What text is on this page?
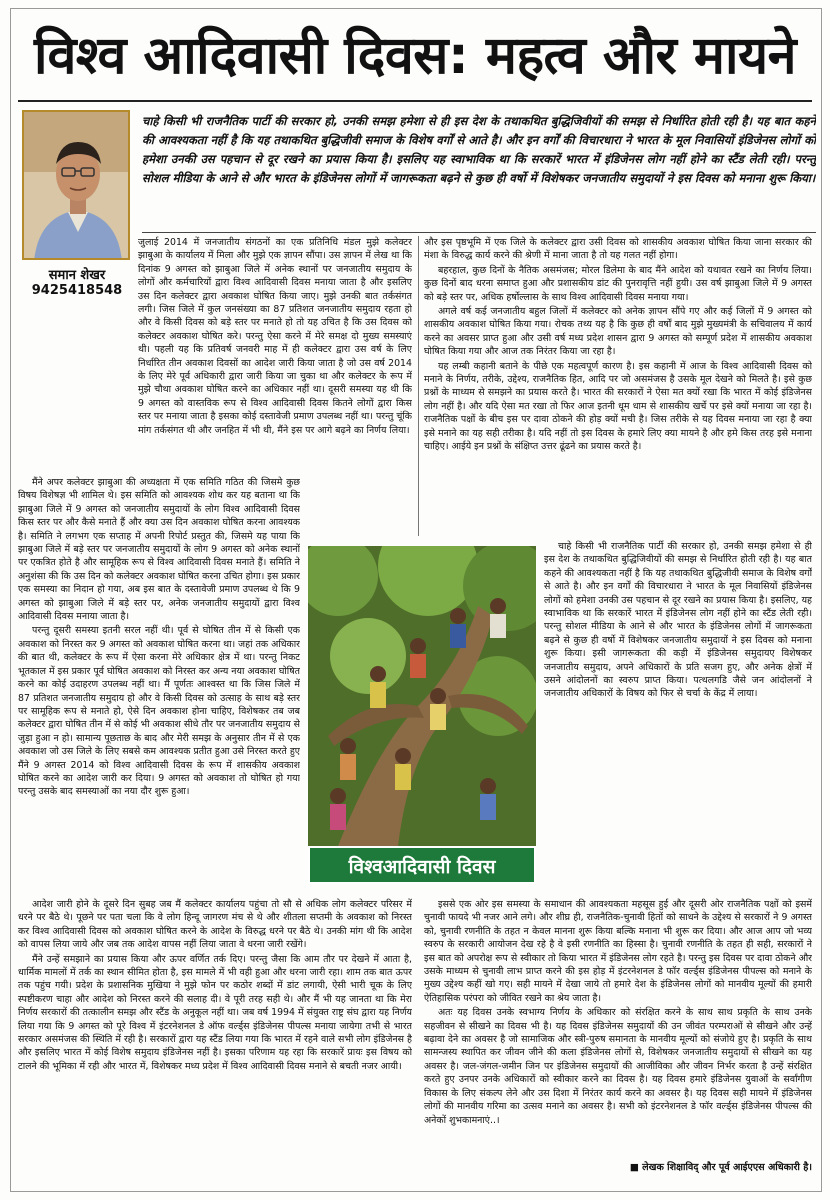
विश्व आदिवासी दिवस: महत्व और मायने
समान शेखर
9425418548
चाहे किसी भी राजनैतिक पार्टी की सरकार हो, उनकी समझ हमेशा से ही इस देश के तथाकथित बुद्धिजिवीयों की समझ से निर्धारित होती रही है। यह बात कहने की आवश्यकता नहीं है कि यह तथाकथित बुद्धिजीवी समाज के विशेष वर्गों से आते है। और इन वर्गों की विचारधारा ने भारत के मूल निवासियों इंडिजेनस लोगों को हमेशा उनकी उस पहचान से दूर रखने का प्रयास किया है। इसलिए यह स्वाभाविक था कि सरकारें भारत में इंडिजेनस लोग नहीं होने का स्टैंड लेती रही। परन्तु सोशल मीडिया के आने से और भारत के इंडिजेनस लोगों में जागरूकता बढ़ने से कुछ ही वर्षो में विशेषकर जनजातीय समुदायों ने इस दिवस को मनाना शुरू किया।

जुलाई 2014 में जनजातीय संगठनों का एक प्रतिनिधि मंडल मुझे कलेक्टर झाबुआ के कार्यालय में मिला और मुझे एक ज्ञापन सौंपा। उस ज्ञापन में लेख था कि दिनांक 9 अगस्त को झाबुआ जिले में अनेक स्थानों पर जनजातीय समुदाय के लोगों और कर्मचारियों द्वारा विश्व आदिवासी दिवस मनाया जाता है और इसलिए उस दिन कलेक्टर द्वारा अवकाश घोषित किया जाए। मुझे उनकी बात तर्कसंगत लगी। जिस जिले में कुल जनसंख्या का 87 प्रतिशत जनजातीय समुदाय रहता हो और वे किसी दिवस को बड़े स्तर पर मनाते हो तो यह उचित है कि उस दिवस को कलेक्टर अवकाश घोषित करे। परन्तु ऐसा करने में मेरे समक्ष दो मुख्य समस्याएं थी। पहली यह कि प्रतिवर्ष जनवरी माह में ही कलेक्टर द्वारा उस वर्ष के लिए निर्धारित तीन अवकाश दिवसों का आदेश जारी किया जाता है जो उस वर्ष 2014 के लिए मेरे पूर्व अधिकारी द्वारा जारी किया जा चुका था और कलेक्टर के रूप में मुझे चौथा अवकाश घोषित करने का अधिकार नहीं था। दूसरी समस्या यह थी कि 9 अगस्त को वास्तविक रूप से विश्व आदिवासी दिवस कितने लोगों द्वारा किस स्तर पर मनाया जाता है इसका कोई दस्तावेजी प्रमाण उपलब्ध नहीं था। परन्तु चूंकि मांग तर्कसंगत थी और जनहित में भी थी, मैंने इस पर आगे बढ़ने का निर्णय लिया।

मैंने अपर कलेक्टर झाबुआ की अध्यक्षता में एक समिति गठित की जिसमे कुछ विषय विशेषज्ञ भी शामिल थे। इस समिति को आवश्यक शोध कर यह बताना था कि झाबुआ जिले में 9 अगस्त को जनजातीय समुदायों के लोग विश्व आदिवासी दिवस किस स्तर पर और कैसे मनाते हैं और क्या उस दिन अवकाश घोषित करना आवश्यक है। समिति ने लगभग एक सप्ताह में अपनी रिपोर्ट प्रस्तुत की, जिसमे यह पाया कि झाबुआ जिले में बड़े स्तर पर जनजातीय समुदायों के लोग 9 अगस्त को अनेक स्थानों पर एकत्रित होते है और सामूहिक रूप से विश्व आदिवासी दिवस मनाते हैं। समिति ने अनुशंसा की कि उस दिन को कलेक्टर अवकाश घोषित करना उचित होगा। इस प्रकार एक समस्या का निदान हो गया, अब इस बात के दस्तावेजी प्रमाण उपलब्ध थे कि 9 अगस्त को झाबुआ जिले में बड़े स्तर पर, अनेक जनजातीय समुदायों द्वारा विश्व आदिवासी दिवस मनाया जाता है।

परन्तु दूसरी समस्या इतनी सरल नहीं थी। पूर्व से घोषित तीन में से किसी एक अवकाश को निरस्त कर 9 अगस्त को अवकाश घोषित करना था। जहां तक अधिकार की बात थी, कलेक्टर के रूप में ऐसा करना मेरे अधिकार क्षेत्र में था। परन्तु निकट भूतकाल में इस प्रकार पूर्व घोषित अवकाश को निरस्त कर अन्य नया अवकाश घोषित करने का कोई उदाहरण उपलब्ध नहीं था। मैं पूर्णतः आश्वस्त था कि जिस जिले में 87 प्रतिशत जनजातीय समुदाय हो और वे किसी दिवस को उत्साह के साथ बड़े स्तर पर सामूहिक रूप से मनाते हो, ऐसे दिन अवकाश होना चाहिए, विशेषकर तब जब कलेक्टर द्वारा घोषित तीन में से कोई भी अवकाश सीधे तौर पर जनजातीय समुदाय से जुड़ा हुआ न हो। सामान्य पूछताछ के बाद और मेरी समझ के अनुसार तीन में से एक अवकाश जो उस जिले के लिए सबसे कम आवश्यक प्रतीत हुआ उसे निरस्त करते हुए मैंने 9 अगस्त 2014 को विश्व आदिवासी दिवस के रूप में शासकीय अवकाश घोषित करने का आदेश जारी कर दिया। 9 अगस्त को अवकाश तो घोषित हो गया परन्तु उसके बाद समस्याओं का नया दौर शुरू हुआ।

आदेश जारी होने के दूसरे दिन सुबह जब मैं कलेक्टर कार्यालय पहुंचा तो सौ से अधिक लोग कलेक्टर परिसर में धरने पर बैठे थे। पूछने पर पता चला कि वे लोग हिन्दू जागरण मंच से थे और शीतला सप्तमी के अवकाश को निरस्त कर विश्व आदिवासी दिवस को अवकाश घोषित करने के आदेश के विरुद्ध धरने पर बैठे थे। उनकी मांग थी कि आदेश को वापस लिया जाये और जब तक आदेश वापस नहीं लिया जाता वे धरना जारी रखेंगे।

मैंने उन्हें समझाने का प्रयास किया और ऊपर वर्णित तर्क दिए। परन्तु जैसा कि आम तौर पर देखने में आता है, धार्मिक मामलों में तर्क का स्थान सीमित होता है, इस मामले में भी वही हुआ और धरना जारी रहा। शाम तक बात ऊपर तक पहुंच गयी। प्रदेश के प्रशासनिक मुखिया ने मुझे फोन पर कठोर शब्दों में डांट लगायी, ऐसी भारी चूक के लिए स्पष्टीकरण चाहा और आदेश को निरस्त करने की सलाह दी। वे पूरी तरह सही थे। और मैं भी यह जानता था कि मेरा निर्णय सरकारों की तत्कालीन समझ और स्टैंड के अनुकूल नहीं था। जब वर्ष 1994 में संयुक्त राष्ट्र संघ द्वारा यह निर्णय लिया गया कि 9 अगस्त को पूरे विश्व में इंटरनेशनल डे ऑफ वर्ल्ड्स इंडिजेनस पीपल्स मनाया जायेगा तभी से भारत सरकार असमंजस की स्थिति में रही है। सरकारों द्वारा यह स्टैंड लिया गया कि भारत में रहने वाले सभी लोग इंडिजेनस है और इसलिए भारत में कोई विशेष समुदाय इंडिजेनस नहीं है। इसका परिणाम यह रहा कि सरकारें प्रायः इस विषय को टालने की भूमिका में रही और भारत में, विशेषकर मध्य प्रदेश में विश्व आदिवासी दिवस मनाने से बचती नजर आयी।

और इस पृष्ठभूमि में एक जिले के कलेक्टर द्वारा उसी दिवस को शासकीय अवकाश घोषित किया जाना सरकार की मंशा के विरुद्ध कार्य करने की श्रेणी में माना जाता है तो यह गलत नहीं होगा।

बहरहाल, कुछ दिनों के नैतिक असमंजस; मोरल डिलेमा के बाद मैंने आदेश को यथावत रखने का निर्णय लिया। कुछ दिनों बाद धरना समाप्त हुआ और प्रशासकीय डांट की पुनरावृत्ति नहीं हुयी। उस वर्ष झाबुआ जिले में 9 अगस्त को बड़े स्तर पर, अधिक हर्षोल्लास के साथ विश्व आदिवासी दिवस मनाया गया।

अगले वर्ष कई जनजातीय बहुल जिलों में कलेक्टर को अनेक ज्ञापन सौंपे गए और कई जिलों में 9 अगस्त को शासकीय अवकाश घोषित किया गया। रोचक तथ्य यह है कि कुछ ही वर्षों बाद मुझे मुख्यमंत्री के सचिवालय में कार्य करने का अवसर प्राप्त हुआ और उसी वर्ष मध्य प्रदेश शासन द्वारा 9 अगस्त को सम्पूर्ण प्रदेश में शासकीय अवकाश घोषित किया गया और आज तक निरंतर किया जा रहा है।

यह लम्बी कहानी बताने के पीछे एक महत्वपूर्ण कारण है। इस कहानी में आज के विश्व आदिवासी दिवस को मनाने के निर्णय, तरीके, उद्देश्य, राजनैतिक हित, आदि पर जो असमंजस है उसके मूल देखने को मिलते है। इसे कुछ प्रश्नों के माध्यम से समझने का प्रयास करते है। भारत की सरकारों ने ऐसा मत क्यों रखा कि भारत में कोई इंडिजेनस लोग नहीं है। और यदि ऐसा मत रखा तो फिर आज इतनी धूम धाम से शासकीय खर्चे पर इसे क्यों मनाया जा रहा है। राजनैतिक पक्षों के बीच इस पर दावा ठोकने की होड़ क्यों मची है। जिस तरीके से यह दिवस मनाया जा रहा है क्या इसे मनाने का यह सही तरीका है। यदि नहीं तो इस दिवस के हमारे लिए क्या मायने है और हमे किस तरह इसे मनाना चाहिए। आईये इन प्रश्नों के संक्षिप्त उत्तर ढूंढने का प्रयास करते है।

चाहे किसी भी राजनैतिक पार्टी की सरकार हो, उनकी समझ हमेशा से ही इस देश के तथाकथित बुद्धिजिवीयों की समझ से निर्धारित होती रही है। यह बात कहने की आवश्यकता नहीं है कि यह तथाकथित बुद्धिजीवी समाज के विशेष वर्गों से आते है। और इन वर्गों की विचारधारा ने भारत के मूल निवासियों इंडिजेनस लोगों को हमेशा उनकी उस पहचान से दूर रखने का प्रयास किया है। इसलिए, यह स्वाभाविक था कि सरकारें भारत में इंडिजेनस लोग नहीं होने का स्टैंड लेती रही। परन्तु सोशल मीडिया के आने से और भारत के इंडिजेनस लोगों में जागरूकता बढ़ने से कुछ ही वर्षो में विशेषकर जनजातीय समुदायों ने इस दिवस को मनाना शुरू किया। इसी जागरूकता की कड़ी में इंडिजेनस समुदायए विशेषकर जनजातीय समुदाय, अपने अधिकारों के प्रति सजग हुए, और अनेक क्षेत्रों में उसने आंदोलनों का स्वरुप प्राप्त किया। पत्थलगडि जैसे जन आंदोलनों ने जनजातीय अधिकारों के विषय को फिर से चर्चा के केंद्र में लाया।

इससे एक ओर इस समस्या के समाधान की आवश्यकता महसूस हुई और दूसरी ओर राजनैतिक पक्षों को इसमें चुनावी फायदे भी नजर आने लगे। और शीघ्र ही, राजनैतिक-चुनावी हितों को साधने के उद्देश्य से सरकारों ने 9 अगस्त को, चुनावी रणनीति के तहत न केवल मानना शुरू किया बल्कि मनाना भी शुरू कर दिया। और आज आप जो भव्य स्वरुप के सरकारी आयोजन देख रहे है वे इसी रणनीति का हिस्सा है। चुनावी रणनीति के तहत ही सही, सरकारों ने इस बात को अपरोक्ष रूप से स्वीकार तो किया भारत में इंडिजेनस लोग रहते है। परन्तु इस दिवस पर दावा ठोकने और उसके माध्यम से चुनावी लाभ प्राप्त करने की इस होड़ में इंटरनेशनल डे फॉर वर्ल्ड्स इंडिजेनस पीपल्स को मनाने के मुख्य उद्देश्य कहीं खो गए। सही मायने में देखा जाये तो हमारे देश के इंडिजेनस लोगों को मानवीय मूल्यों की हमारी ऐतिहासिक परंपरा को जीवित रखने का श्रेय जाता है।

अतः यह दिवस उनके स्वभाग्य निर्णय के अधिकार को संरक्षित करने के साथ साथ प्रकृति के साथ उनके सहजीवन से सीखने का दिवस भी है। यह दिवस इंडिजेनस समुदायों की उन जीवंत परम्पराओं से सीखने और उन्हें बढ़ावा देने का अवसर है जो सामाजिक और स्त्री-पुरुष समानता के मानवीय मूल्यों को संजोये हुए है। प्रकृति के साथ सामन्जस्य स्थापित कर जीवन जीने की कला इंडिजेनस लोगों से, विशेषकर जनजातीय समुदायों से सीखने का यह अवसर है। जल-जंगल-जमीन जिन पर इंडिजेनस समुदायों की आजीविका और जीवन निर्भर करता है उन्हें संरक्षित करते हुए उनपर उनके अधिकारों को स्वीकार करने का दिवस है। यह दिवस हमारे इंडिजेनस युवाओं के सर्वांगीण विकास के लिए संकल्प लेने और उस दिशा में निरंतर कार्य करने का अवसर है। यह दिवस सही मायने में इंडिजेनस लोगों की मानवीय गरिमा का उत्सव मनाने का अवसर है। सभी को इंटरनेशनल डे फॉर वर्ल्ड्स इंडिजेनस पीपल्स की अनेकों शुभकामनाएं..।

विश्वआदिवासी दिवस
■ लेखक शिक्षाविद् और पूर्व आईएएस अधिकारी है।
